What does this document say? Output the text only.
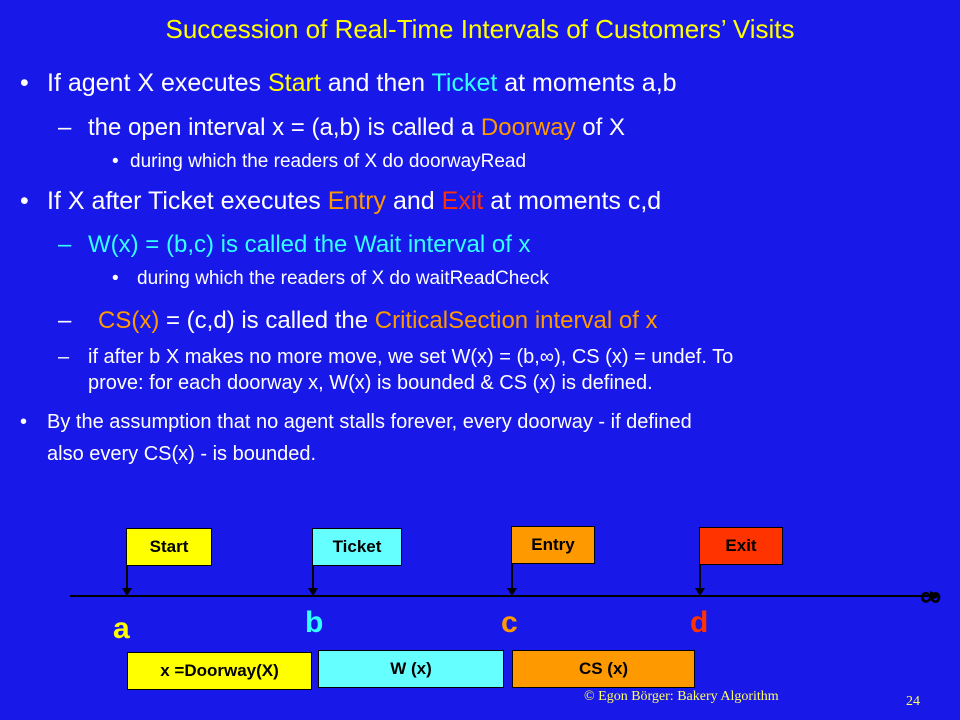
Succession of Real-Time Intervals of Customers’ Visits
• If agent X executes Start and then Ticket at moments a,b
– the open interval x = (a,b) is called a Doorway of X
• during which the readers of X do doorwayRead
• If X after Ticket executes Entry and Exit at moments c,d
– W(x) = (b,c) is called the Wait interval of x
• during which the readers of X do waitReadCheck
– CS(x) = (c,d) is called the CriticalSection interval of x
– if after b X makes no more move, we set W(x) = (b,∞), CS (x) = undef. To
prove: for each doorway x, W(x) is bounded & CS (x) is defined.
• By the assumption that no agent stalls forever, every doorway - if defined
also every CS(x) - is bounded.
Start	Ticket	Entry	Exit
∞
a	b	c	d
x =Doorway(X)	W (x)	CS (x)
© Egon Börger: Bakery Algorithm	24
